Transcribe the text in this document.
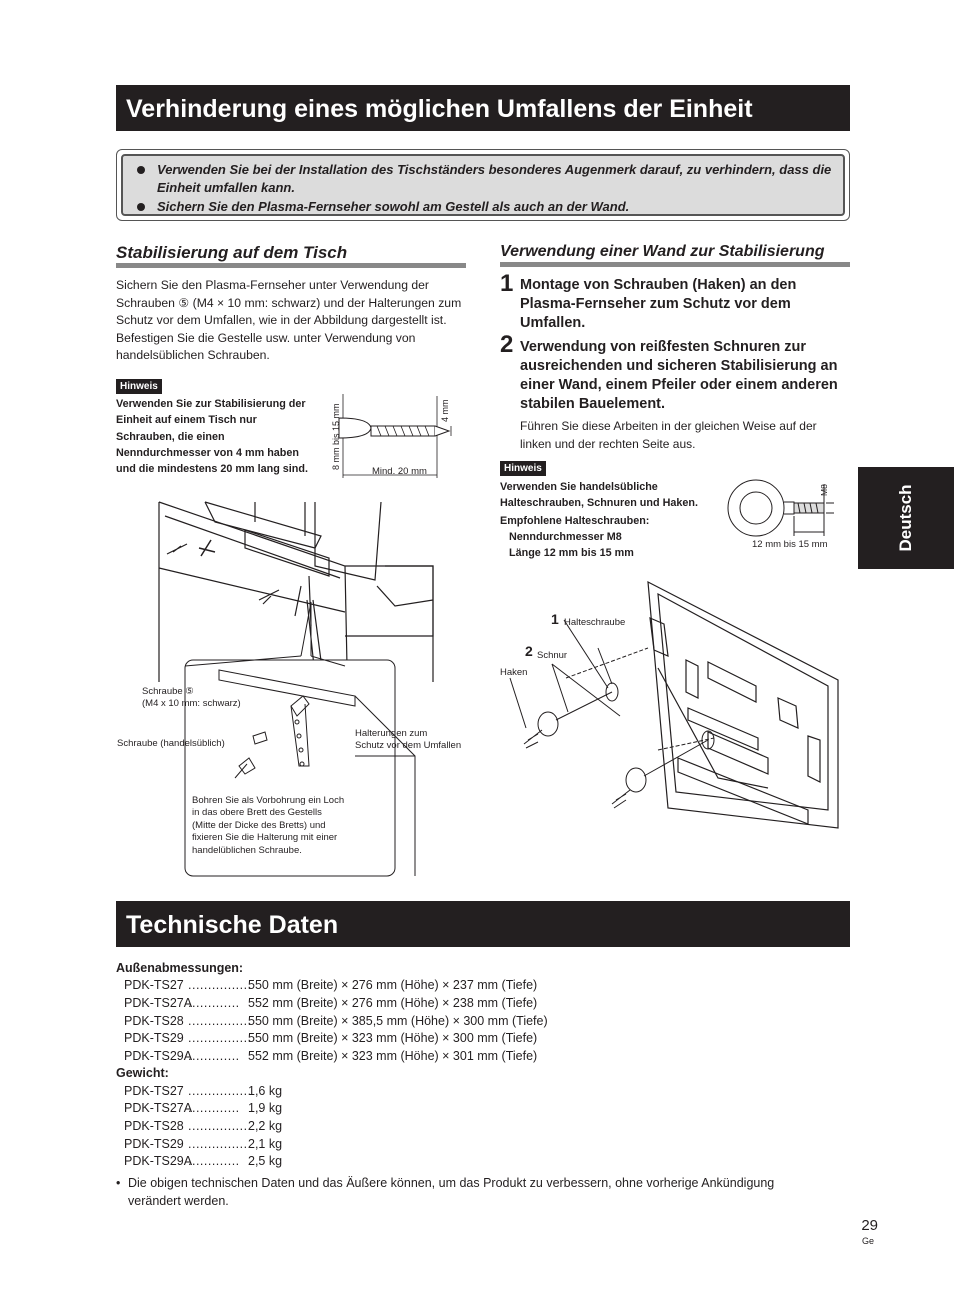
Verhinderung eines möglichen Umfallens der Einheit
Verwenden Sie bei der Installation des Tischständers besonderes Augenmerk darauf, zu verhindern, dass die Einheit umfallen kann.
Sichern Sie den Plasma-Fernseher sowohl am Gestell als auch an der Wand.
Stabilisierung auf dem Tisch
Sichern Sie den Plasma-Fernseher unter Verwendung der Schrauben ⑤ (M4 × 10 mm: schwarz) und der Halterungen zum Schutz vor dem Umfallen, wie in der Abbildung dargestellt ist. Befestigen Sie die Gestelle usw. unter Verwendung von handelsüblichen Schrauben.
Hinweis
Verwenden Sie zur Stabilisierung der Einheit auf einem Tisch nur Schrauben, die einen Nenndurchmesser von 4 mm haben und die mindestens 20 mm lang sind.	8 mm bis 15 mm	4 mm
Mind. 20 mm
Schraube ⑤
(M4 x 10 mm: schwarz)
Schraube (handelsüblich)
Halterungen zum
Schutz vor dem Umfallen
Bohren Sie als Vorbohrung ein Loch in das obere Brett des Gestells (Mitte der Dicke des Bretts) und fixieren Sie die Halterung mit einer handelüblichen Schraube.
Verwendung einer Wand zur Stabilisierung
1 Montage von Schrauben (Haken) an den Plasma-Fernseher zum Schutz vor dem Umfallen.
2 Verwendung von reißfesten Schnuren zur ausreichenden und sicheren Stabilisierung an einer Wand, einem Pfeiler oder einem anderen stabilen Bauelement.
Führen Sie diese Arbeiten in der gleichen Weise auf der linken und der rechten Seite aus.
Hinweis
Verwenden Sie handelsübliche
Halteschrauben, Schnuren und Haken.
Empfohlene Halteschrauben:
Nenndurchmesser M8
Länge 12 mm bis 15 mm
M8
12 mm bis 15 mm
1 Halteschraube
2 Schnur
Haken
Deutsch
Technische Daten
Außenabmessungen:
PDK-TS27 ................550 mm (Breite) × 276 mm (Höhe) × 237 mm (Tiefe)
PDK-TS27A............. 552 mm (Breite) × 276 mm (Höhe) × 238 mm (Tiefe)
PDK-TS28 ................550 mm (Breite) × 385,5 mm (Höhe) × 300 mm (Tiefe)
PDK-TS29 ................550 mm (Breite) × 323 mm (Höhe) × 300 mm (Tiefe)
PDK-TS29A............. 552 mm (Breite) × 323 mm (Höhe) × 301 mm (Tiefe)
Gewicht:
PDK-TS27 ................1,6 kg
PDK-TS27A............. 1,9 kg
PDK-TS28 ................2,2 kg
PDK-TS29 ................2,1 kg
PDK-TS29A............. 2,5 kg
• Die obigen technischen Daten und das Äußere können, um das Produkt zu verbessern, ohne vorherige Ankündigung verändert werden.
29
Ge
